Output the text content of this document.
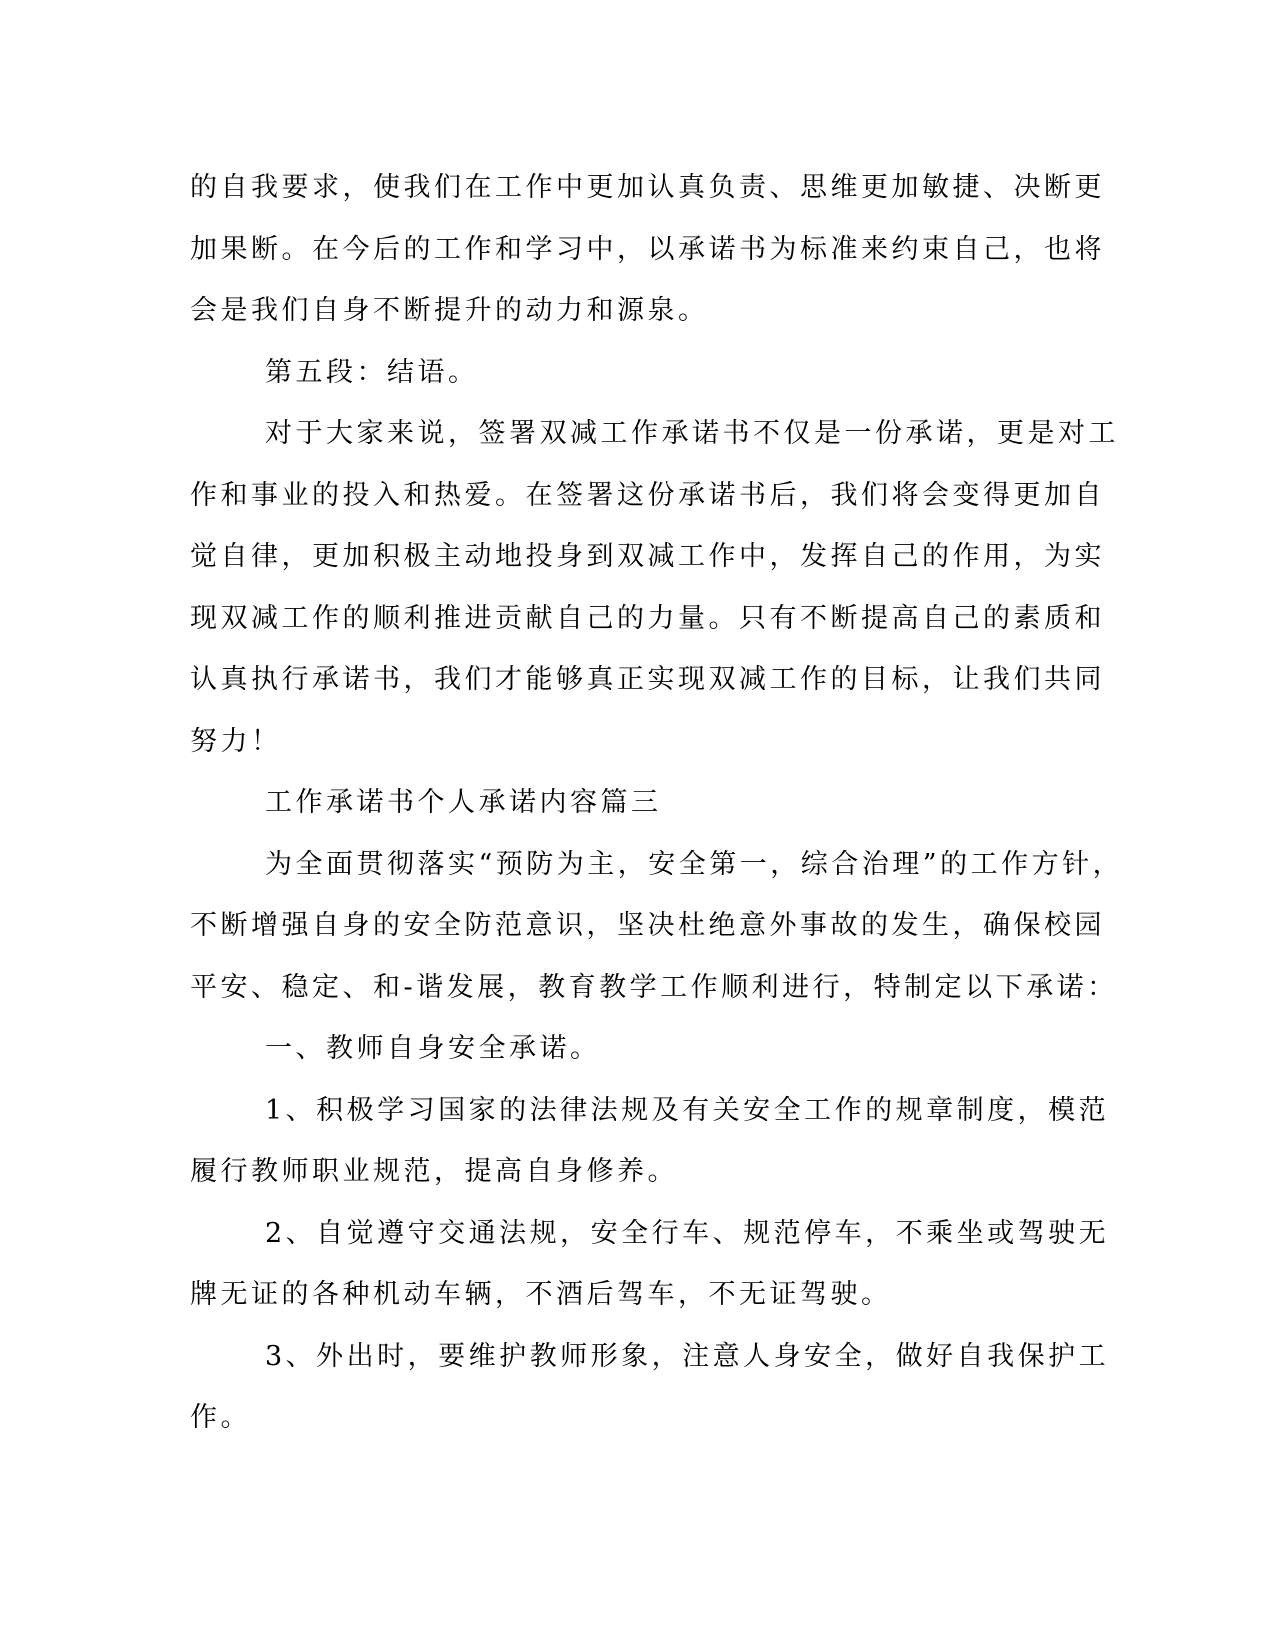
的自我要求，使我们在工作中更加认真负责、思维更加敏捷、决断更
加果断。在今后的工作和学习中，以承诺书为标准来约束自己，也将
会是我们自身不断提升的动力和源泉。

第五段：结语。

对于大家来说，签署双减工作承诺书不仅是一份承诺，更是对工
作和事业的投入和热爱。在签署这份承诺书后，我们将会变得更加自
觉自律，更加积极主动地投身到双减工作中，发挥自己的作用，为实
现双减工作的顺利推进贡献自己的力量。只有不断提高自己的素质和
认真执行承诺书，我们才能够真正实现双减工作的目标，让我们共同
努力！

工作承诺书个人承诺内容篇三

为全面贯彻落实“预防为主，安全第一，综合治理”的工作方针，
不断增强自身的安全防范意识，坚决杜绝意外事故的发生，确保校园
平安、稳定、和-谐发展，教育教学工作顺利进行，特制定以下承诺：

一、教师自身安全承诺。

1、积极学习国家的法律法规及有关安全工作的规章制度，模范
履行教师职业规范，提高自身修养。

2、自觉遵守交通法规，安全行车、规范停车，不乘坐或驾驶无
牌无证的各种机动车辆，不酒后驾车，不无证驾驶。

3、外出时，要维护教师形象，注意人身安全，做好自我保护工
作。
